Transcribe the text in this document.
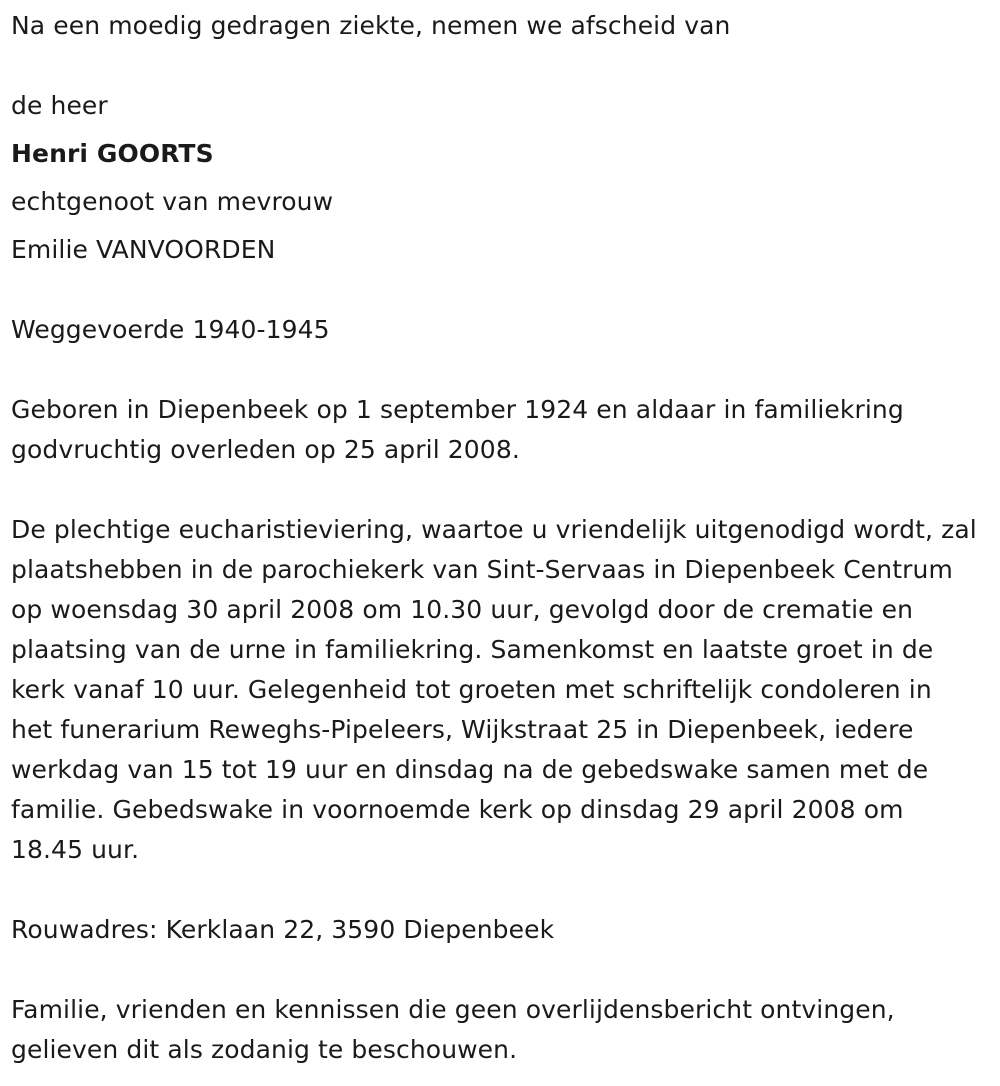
Na een moedig gedragen ziekte, nemen we afscheid van
de heer
Henri GOORTS
echtgenoot van mevrouw
Emilie VANVOORDEN
Weggevoerde 1940-1945
Geboren in Diepenbeek op 1 september 1924 en aldaar in familiekring godvruchtig overleden op 25 april 2008.
De plechtige eucharistieviering, waartoe u vriendelijk uitgenodigd wordt, zal plaatshebben in de parochiekerk van Sint-Servaas in Diepenbeek Centrum op woensdag 30 april 2008 om 10.30 uur, gevolgd door de crematie en plaatsing van de urne in familiekring. Samenkomst en laatste groet in de kerk vanaf 10 uur. Gelegenheid tot groeten met schriftelijk condoleren in het funerarium Reweghs-Pipeleers, Wijkstraat 25 in Diepenbeek, iedere werkdag van 15 tot 19 uur en dinsdag na de gebedswake samen met de familie. Gebedswake in voornoemde kerk op dinsdag 29 april 2008 om 18.45 uur.
Rouwadres: Kerklaan 22, 3590 Diepenbeek
Familie, vrienden en kennissen die geen overlijdensbericht ontvingen, gelieven dit als zodanig te beschouwen.
